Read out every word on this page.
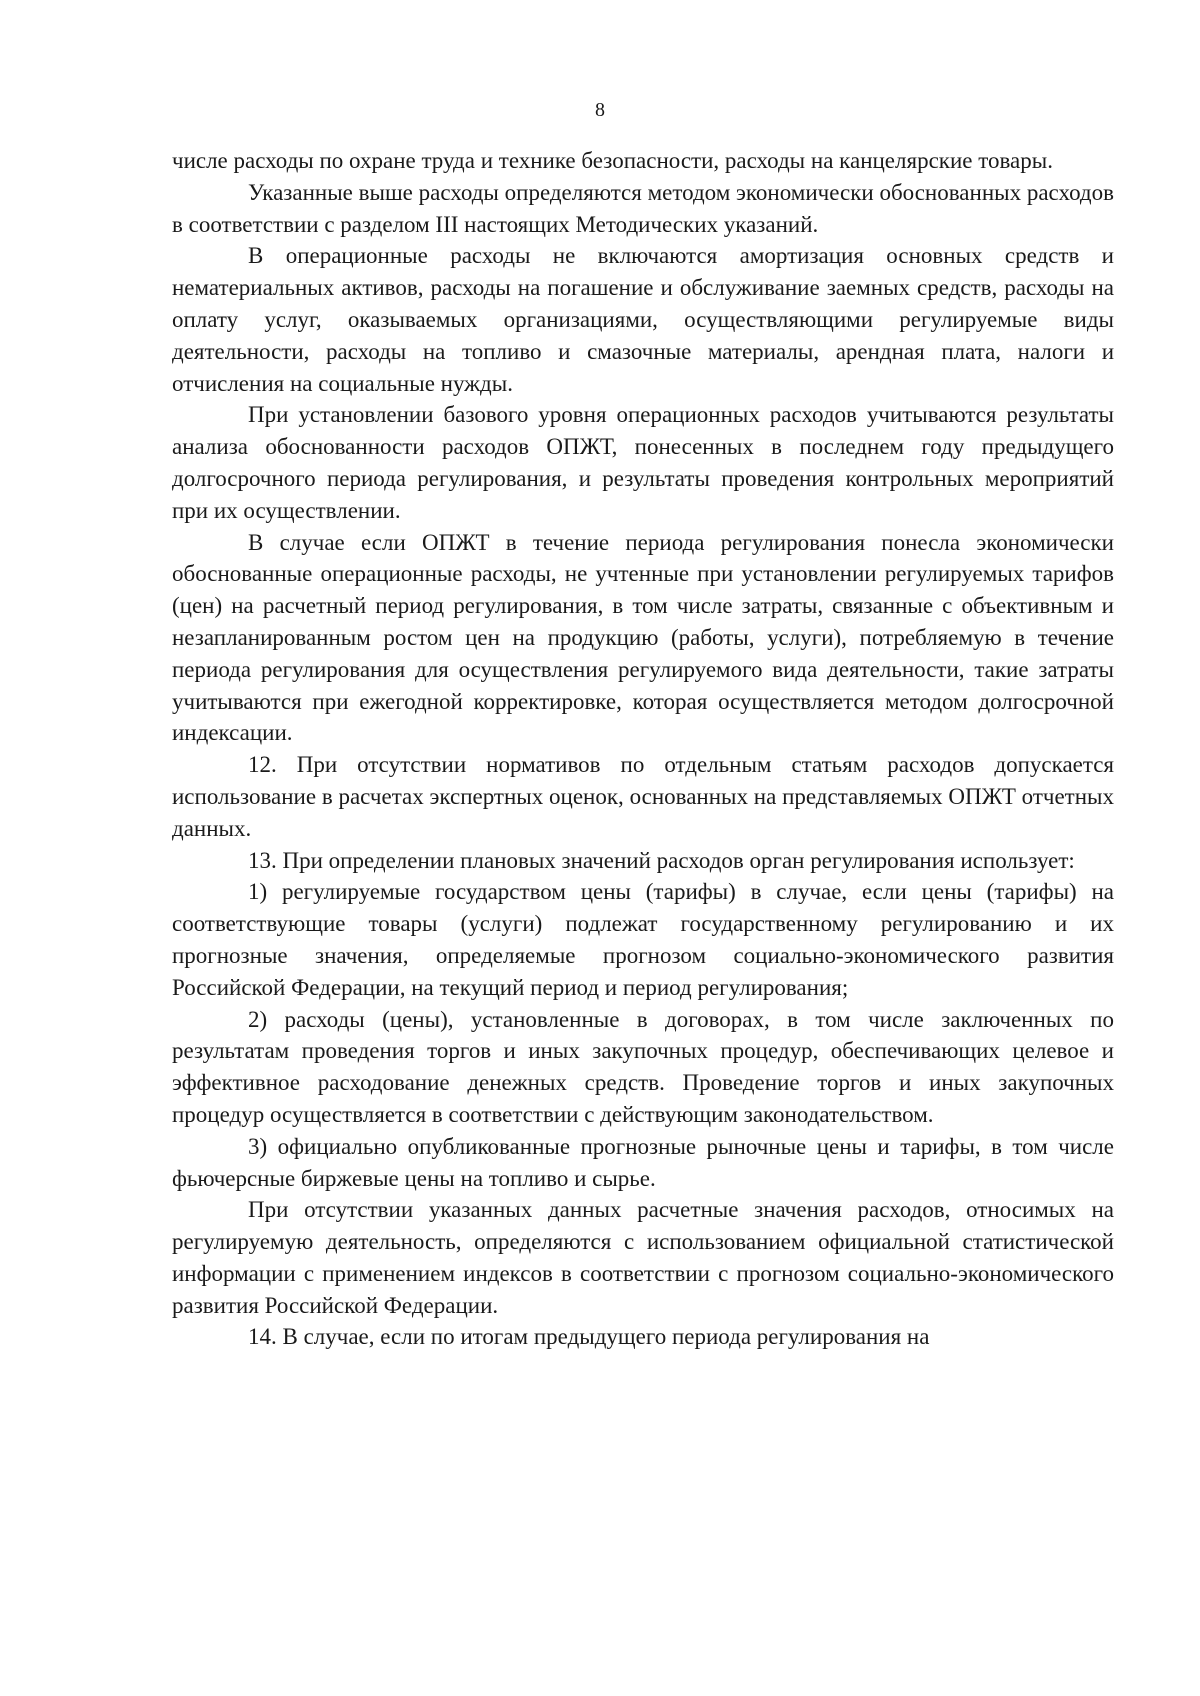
8

числе расходы по охране труда и технике безопасности, расходы на канцелярские товары.

Указанные выше расходы определяются методом экономически обоснованных расходов в соответствии с разделом III настоящих Методических указаний.

В операционные расходы не включаются амортизация основных средств и нематериальных активов, расходы на погашение и обслуживание заемных средств, расходы на оплату услуг, оказываемых организациями, осуществляющими регулируемые виды деятельности, расходы на топливо и смазочные материалы, арендная плата, налоги и отчисления на социальные нужды.

При установлении базового уровня операционных расходов учитываются результаты анализа обоснованности расходов ОПЖТ, понесенных в последнем году предыдущего долгосрочного периода регулирования, и результаты проведения контрольных мероприятий при их осуществлении.

В случае если ОПЖТ в течение периода регулирования понесла экономически обоснованные операционные расходы, не учтенные при установлении регулируемых тарифов (цен) на расчетный период регулирования, в том числе затраты, связанные с объективным и незапланированным ростом цен на продукцию (работы, услуги), потребляемую в течение периода регулирования для осуществления регулируемого вида деятельности, такие затраты учитываются при ежегодной корректировке, которая осуществляется методом долгосрочной индексации.

12. При отсутствии нормативов по отдельным статьям расходов допускается использование в расчетах экспертных оценок, основанных на представляемых ОПЖТ отчетных данных.

13. При определении плановых значений расходов орган регулирования использует:

1) регулируемые государством цены (тарифы) в случае, если цены (тарифы) на соответствующие товары (услуги) подлежат государственному регулированию и их прогнозные значения, определяемые прогнозом социально-экономического развития Российской Федерации, на текущий период и период регулирования;

2) расходы (цены), установленные в договорах, в том числе заключенных по результатам проведения торгов и иных закупочных процедур, обеспечивающих целевое и эффективное расходование денежных средств. Проведение торгов и иных закупочных процедур осуществляется в соответствии с действующим законодательством.

3) официально опубликованные прогнозные рыночные цены и тарифы, в том числе фьючерсные биржевые цены на топливо и сырье.

При отсутствии указанных данных расчетные значения расходов, относимых на регулируемую деятельность, определяются с использованием официальной статистической информации с применением индексов в соответствии с прогнозом социально-экономического развития Российской Федерации.

14. В случае, если по итогам предыдущего периода регулирования на
